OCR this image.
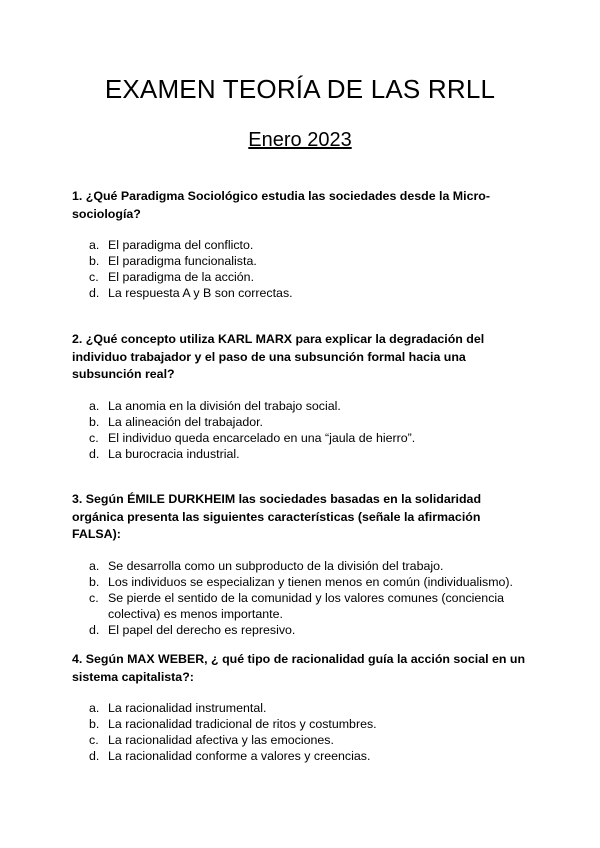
EXAMEN TEORÍA DE LAS RRLL
Enero 2023

1. ¿Qué Paradigma Sociológico estudia las sociedades desde la Micro-sociología?

a. El paradigma del conflicto.
b. El paradigma funcionalista.
c. El paradigma de la acción.
d. La respuesta A y B son correctas.

2. ¿Qué concepto utiliza KARL MARX para explicar la degradación del individuo trabajador y el paso de una subsunción formal hacia una subsunción real?

a. La anomia en la división del trabajo social.
b. La alineación del trabajador.
c. El individuo queda encarcelado en una “jaula de hierro”.
d. La burocracia industrial.

3. Según ÉMILE DURKHEIM las sociedades basadas en la solidaridad orgánica presenta las siguientes características (señale la afirmación FALSA):

a. Se desarrolla como un subproducto de la división del trabajo.
b. Los individuos se especializan y tienen menos en común (individualismo).
c. Se pierde el sentido de la comunidad y los valores comunes (conciencia colectiva) es menos importante.
d. El papel del derecho es represivo.

4. Según MAX WEBER, ¿ qué tipo de racionalidad guía la acción social en un sistema capitalista?:

a. La racionalidad instrumental.
b. La racionalidad tradicional de ritos y costumbres.
c. La racionalidad afectiva y las emociones.
d. La racionalidad conforme a valores y creencias.
